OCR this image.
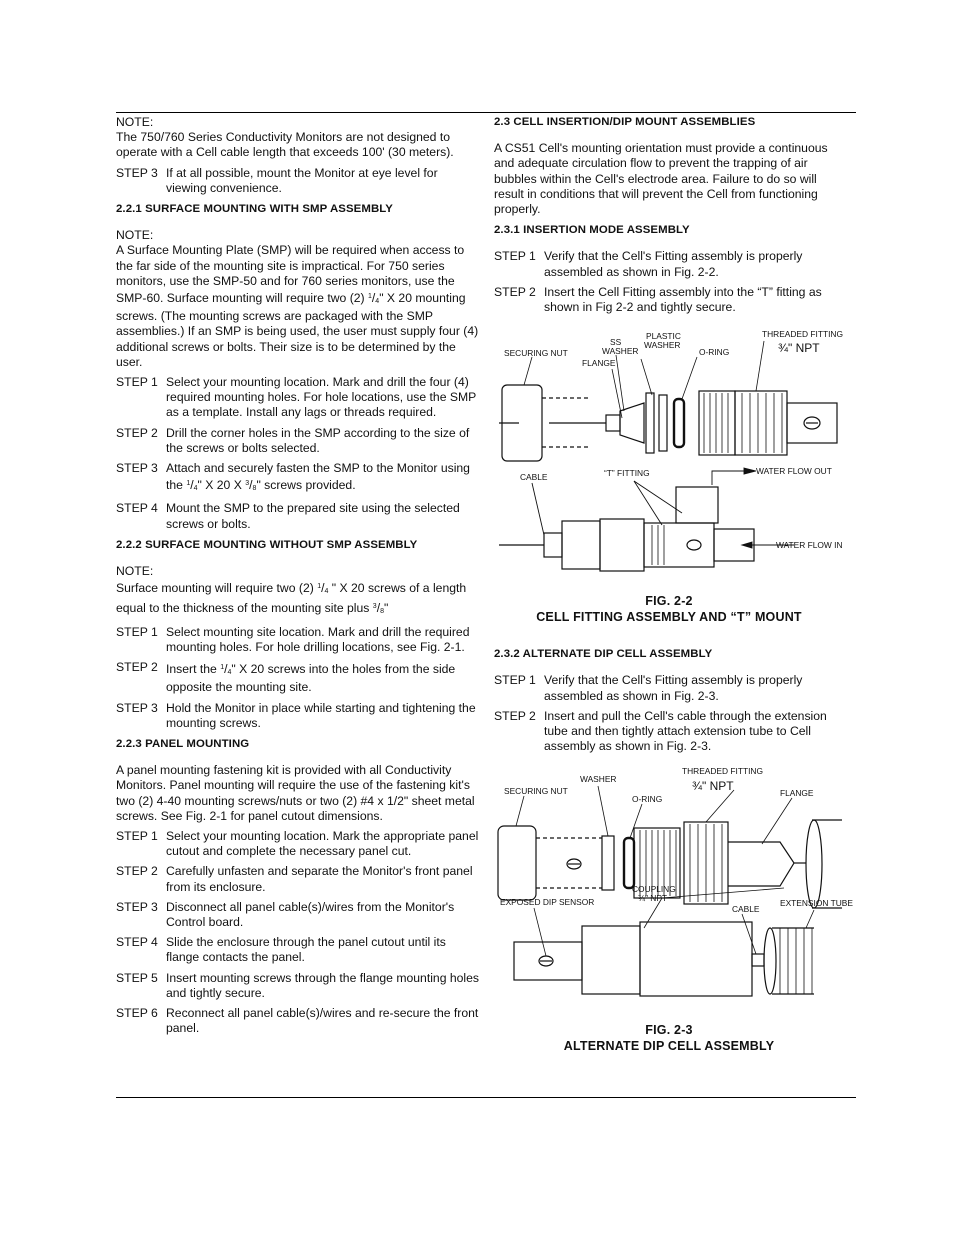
NOTE:

The 750/760 Series Conductivity Monitors are not designed to operate with a Cell cable length that exceeds 100' (30 meters).

STEP 3 If at all possible, mount the Monitor at eye level for viewing convenience.
2.2.1 SURFACE MOUNTING WITH SMP ASSEMBLY

NOTE:

A Surface Mounting Plate (SMP) will be required when access to the far side of the mounting site is impractical. For 750 series monitors, use the SMP-50 and for 760 series monitors, use the SMP-60. Surface mounting will require two (2) $^1/_4$" X 20 mounting screws. (The mounting screws are packaged with the SMP assemblies.) If an SMP is being used, the user must supply four (4) additional screws or bolts. Their size is to be determined by the user.

STEP 1 Select your mounting location. Mark and drill the four (4) required mounting holes. For hole locations, use the SMP as a template. Install any lags or threads required.
STEP 2 Drill the corner holes in the SMP according to the size of the screws or bolts selected.
STEP 3 Attach and securely fasten the SMP to the Monitor using the $^1/_4$" X 20 X $^3/_8$" screws provided.
STEP 4 Mount the SMP to the prepared site using the selected screws or bolts.
2.2.2 SURFACE MOUNTING WITHOUT SMP ASSEMBLY

NOTE:

Surface mounting will require two (2) $^1/_4$ " X 20 screws of a length equal to the thickness of the mounting site plus $^3/_8$"

STEP 1 Select mounting site location. Mark and drill the required mounting holes. For hole drilling locations, see Fig. 2-1.
STEP 2 Insert the $^1/_4$" X 20 screws into the holes from the side opposite the mounting site.
STEP 3 Hold the Monitor in place while starting and tightening the mounting screws.
2.2.3 PANEL MOUNTING

A panel mounting fastening kit is provided with all Conductivity Monitors. Panel mounting will require the use of the fastening kit's two (2) 4-40 mounting screws/nuts or two (2) #4 x 1/2" sheet metal screws. See Fig. 2-1 for panel cutout dimensions.

STEP 1 Select your mounting location. Mark the appropriate panel cutout and complete the necessary panel cut.
STEP 2 Carefully unfasten and separate the Monitor's front panel from its enclosure.
STEP 3 Disconnect all panel cable(s)/wires from the Monitor's Control board.
STEP 4 Slide the enclosure through the panel cutout until its flange contacts the panel.
STEP 5 Insert mounting screws through the flange mounting holes and tightly secure.
STEP 6 Reconnect all panel cable(s)/wires and re-secure the front panel.
2.3 CELL INSERTION/DIP MOUNT ASSEMBLIES

A CS51 Cell's mounting orientation must provide a continuous and adequate circulation flow to prevent the trapping of air bubbles within the Cell's electrode area. Failure to do so will result in conditions that will prevent the Cell from functioning properly.

2.3.1 INSERTION MODE ASSEMBLY
STEP 1 Verify that the Cell's Fitting assembly is properly assembled as shown in Fig. 2-2.
STEP 2 Insert the Cell Fitting assembly into the “T” fitting as shown in Fig 2-2 and tightly secure.
SECURING NUT
SS
WASHER
PLASTIC
WASHER
FLANGE
O-RING
THREADED FITTING
¾" NPT
CABLE	“T” FITTING	WATER FLOW OUT
WATER FLOW IN
FIG. 2-2
CELL FITTING ASSEMBLY AND “T” MOUNT
2.3.2 ALTERNATE DIP CELL ASSEMBLY
STEP 1 Verify that the Cell's Fitting assembly is properly assembled as shown in Fig. 2-3.
STEP 2 Insert and pull the Cell's cable through the extension tube and then tightly attach extension tube to Cell assembly as shown in Fig. 2-3.
SECURING NUT
WASHER
O-RING
THREADED FITTING
¾" NPT	FLANGE
EXPOSED DIP SENSOR
COUPLING
¾" NPT
CABLE
EXTENSION TUBE
FIG. 2-3
ALTERNATE DIP CELL ASSEMBLY
